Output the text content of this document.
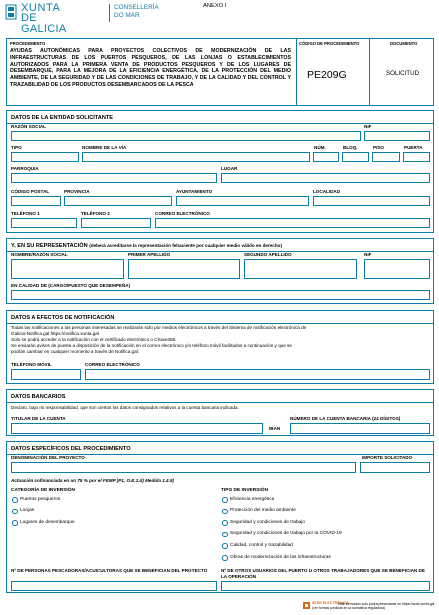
XUNTA
DE GALICIA
CONSELLERÍA
DO MAR
ANEXO I
PROCEDIMIENTO
AYUDAS AUTONÓMICAS PARA PROYECTOS COLECTIVOS DE MODERNIZACIÓN DE LAS INFRAESTRUCTURAS DE LOS PUERTOS PESQUEROS, DE LAS LONJAS O ESTABLECIMIENTOS AUTORIZADOS PARA LA PRIMERA VENTA DE PRODUCTOS PESQUEROS Y DE LOS LUGARES DE DESEMBARQUE, PARA LA MEJORA DE LA EFICIENCIA ENERGÉTICA, DE LA PROTECCIÓN DEL MEDIO AMBIENTE, DE LA SEGURIDAD Y DE LAS CONDICIONES DE TRABAJO, Y DE LA CALIDAD Y DEL CONTROL Y TRAZABILIDAD DE LOS PRODUCTOS DESEMBARCADOS DE LA PESCA
CÓDIGO DE PROCEDIMIENTO
PE209G
DOCUMENTO
SOLICITUD
DATOS DE LA ENTIDAD SOLICITANTE
RAZÓN SOCIAL	NIF
TIPO	NOMBRE DE LA VÍA	NÚM.	BLOQ.	PISO	PUERTA
PARROQUIA	LUGAR
CÓDIGO POSTAL	PROVINCIA	AYUNTAMIENTO	LOCALIDAD
TELÉFONO 1	TELÉFONO 2	CORREO ELECTRÓNICO
Y, EN SU REPRESENTACIÓN (deberá acreditarse la representación fehaciente por cualquier medio válido en derecho)
NOMBRE/RAZÓN SOCIAL	PRIMER APELLIDO	SEGUNDO APELLIDO	NIF
EN CALIDAD DE (CARGO/PUESTO QUE DESEMPEÑA)
DATOS A EFECTOS DE NOTIFICACIÓN
Todas las notificaciones a las personas interesadas se realizarán solo por medios electrónicos a través del Sistema de notificación electrónica de
Galicia-Notifica.gal https://notifica.xunta.gal
Solo se podrá acceder a la notificación con el certificado electrónico o Chave365.
Se enviarán avisos de puesta a disposición de la notificación en el correo electrónico y/o teléfono móvil facilitados a continuación y que se
podrán cambiar en cualquier momento a través de Notifica.gal:
TELÉFONO MÓVIL	CORREO ELECTRÓNICO
DATOS BANCARIOS
Declaro, bajo mi responsabilidad, que son ciertos los datos consignados relativos a la cuenta bancaria indicada.
TITULAR DE LA CUENTA	NÚMERO DE LA CUENTA BANCARIA (24 DÍGITOS)
IBAN
DATOS ESPECÍFICOS DEL PROCEDIMIENTO
DENOMINACIÓN DEL PROYECTO	IMPORTE SOLICITADO
Actuación cofinanciada en un 75 % por el FEMP [P1, O.E.1.d) Medida 1.4.9]
CATEGORÍA DE INVERSIÓN
Puertos pesqueros
Lonjas
Lugares de desembarque
TIPO DE INVERSIÓN
Eficiencia energética
Protección del medio ambiente
Seguridad y condiciones de trabajo
Seguridad y condiciones de trabajo por la COVID-19
Calidad, control y trazabilidad
Obras de modernización de las infraestructuras
Nº DE PERSONAS PESCADORAS/ACUICULTORAS QUE SE BENEFICIAN DEL PROYECTO	Nº DE OTROS USUARIOS DEL PUERTO U OTROS TRABAJADORES QUE SE BENEFICIAN DE LA OPERACIÓN
SEDE ELECTRÓNICA
Este formulario solo podrá presentarse en https://sede.xunta.gal (ver formas jurídicas en la normativa reguladora)
